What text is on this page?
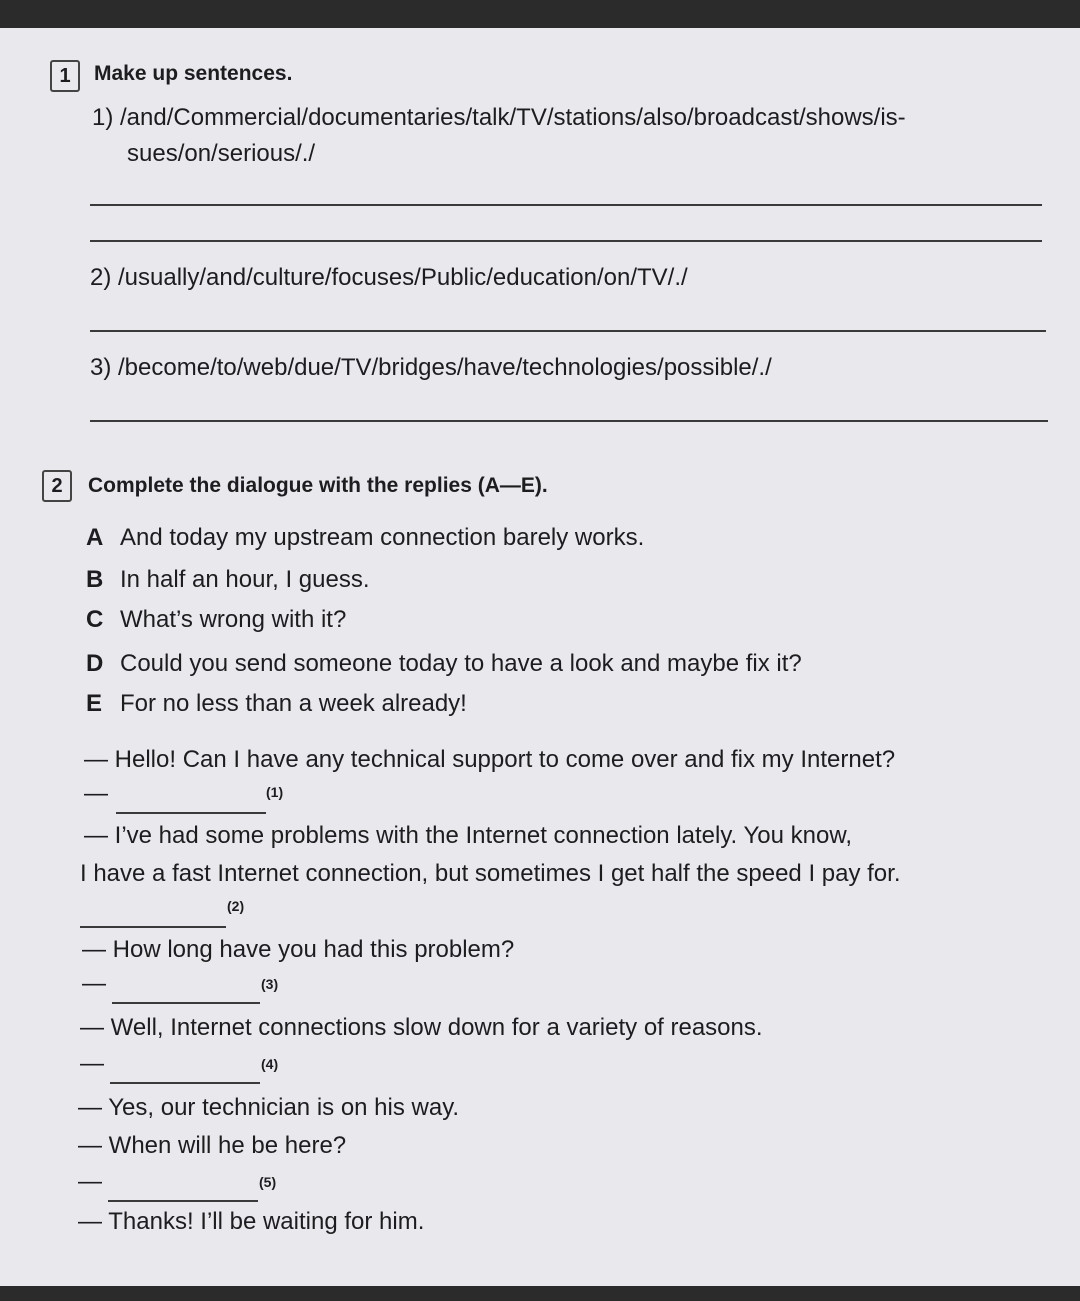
1	Make up sentences.
1) /and/Commercial/documentaries/talk/TV/stations/also/broadcast/shows/is-
sues/on/serious/./
2) /usually/and/culture/focuses/Public/education/on/TV/./
3) /become/to/web/due/TV/bridges/have/technologies/possible/./
2	Complete the dialogue with the replies (A—E).
A And today my upstream connection barely works.
B In half an hour, I guess.
C What’s wrong with it?
D Could you send someone today to have a look and maybe fix it?
E For no less than a week already!
— Hello! Can I have any technical support to come over and fix my Internet?
—	(1)
— I’ve had some problems with the Internet connection lately. You know,
I have a fast Internet connection, but sometimes I get half the speed I pay for.
(2)
— How long have you had this problem?
—	(3)
— Well, Internet connections slow down for a variety of reasons.
—	(4)
— Yes, our technician is on his way.
— When will he be here?
—	(5)
— Thanks! I’ll be waiting for him.
